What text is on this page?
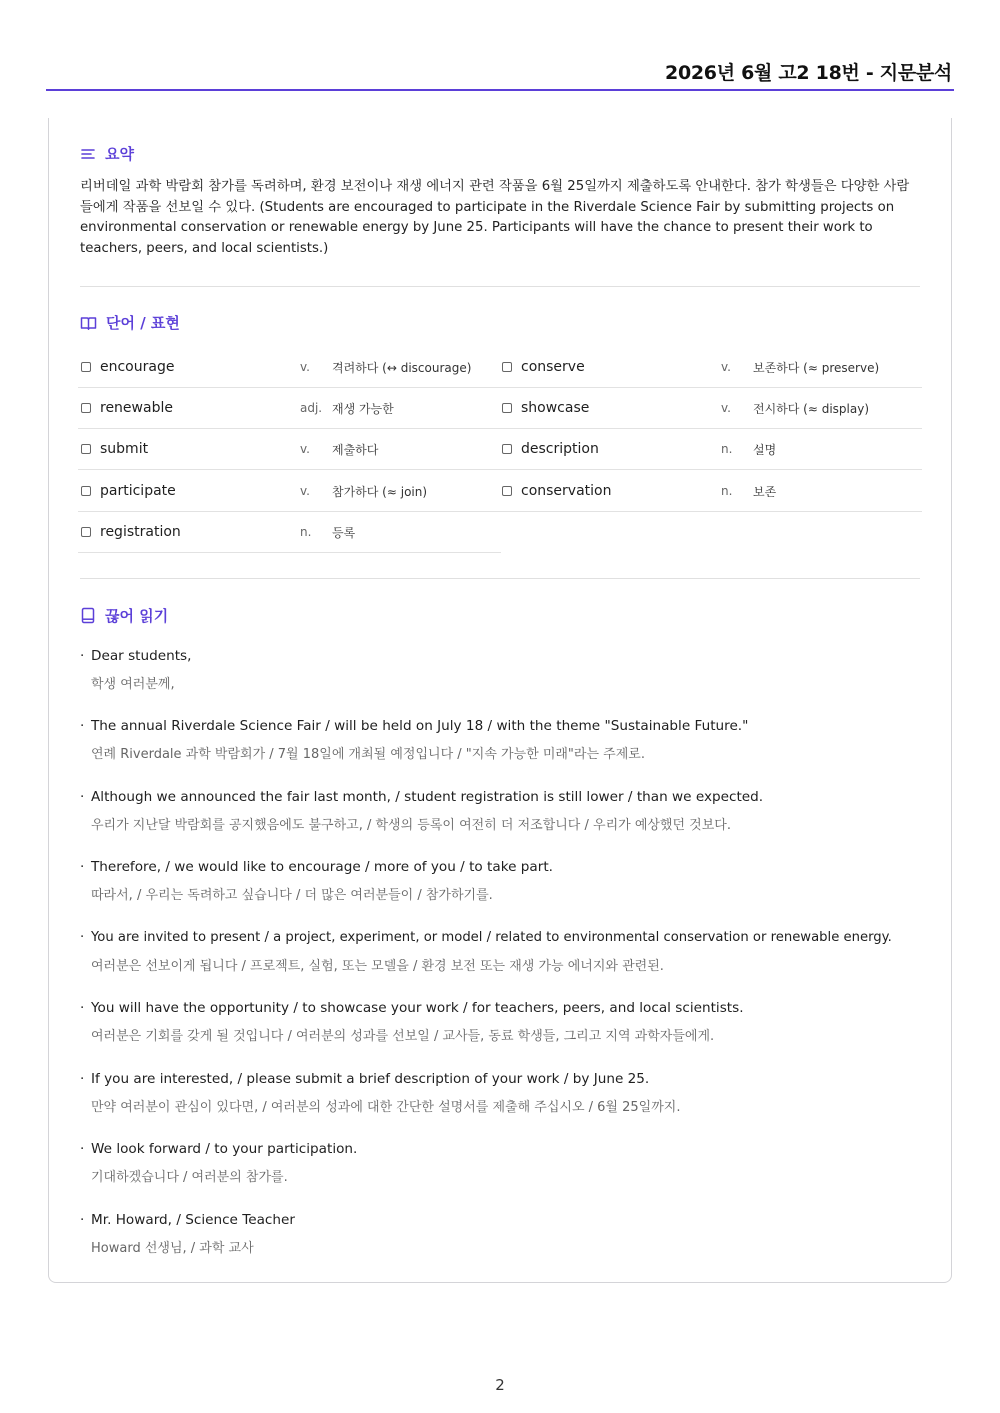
2026년 6월 고2 18번 - 지문분석
요약

리버데일 과학 박람회 참가를 독려하며, 환경 보전이나 재생 에너지 관련 작품을 6월 25일까지 제출하도록 안내한다. 참가 학생들은 다양한 사람들에게 작품을 선보일 수 있다. (Students are encouraged to participate in the Riverdale Science Fair by submitting projects on environmental conservation or renewable energy by June 25. Participants will have the chance to present their work to teachers, peers, and local scientists.)

단어 / 표현
encourage	v.	격려하다 (↔ discourage)	conserve	v.	보존하다 (≈ preserve)
renewable	adj. 재생 가능한	showcase	v.	전시하다 (≈ display)
submit	v.	제출하다	description	n.	설명
participate	v.	참가하다 (≈ join)	conservation	n.	보존
registration	n.	등록
끊어 읽기
· Dear students,
학생 여러분께,
· The annual Riverdale Science Fair / will be held on July 18 / with the theme "Sustainable Future."
연례 Riverdale 과학 박람회가 / 7월 18일에 개최될 예정입니다 / "지속 가능한 미래"라는 주제로.
· Although we announced the fair last month, / student registration is still lower / than we expected.
우리가 지난달 박람회를 공지했음에도 불구하고, / 학생의 등록이 여전히 더 저조합니다 / 우리가 예상했던 것보다.
· Therefore, / we would like to encourage / more of you / to take part.
따라서, / 우리는 독려하고 싶습니다 / 더 많은 여러분들이 / 참가하기를.
· You are invited to present / a project, experiment, or model / related to environmental conservation or renewable energy.
여러분은 선보이게 됩니다 / 프로젝트, 실험, 또는 모델을 / 환경 보전 또는 재생 가능 에너지와 관련된.
· You will have the opportunity / to showcase your work / for teachers, peers, and local scientists.
여러분은 기회를 갖게 될 것입니다 / 여러분의 성과를 선보일 / 교사들, 동료 학생들, 그리고 지역 과학자들에게.
· If you are interested, / please submit a brief description of your work / by June 25.
만약 여러분이 관심이 있다면, / 여러분의 성과에 대한 간단한 설명서를 제출해 주십시오 / 6월 25일까지.
· We look forward / to your participation.
기대하겠습니다 / 여러분의 참가를.
· Mr. Howard, / Science Teacher
Howard 선생님, / 과학 교사
2
